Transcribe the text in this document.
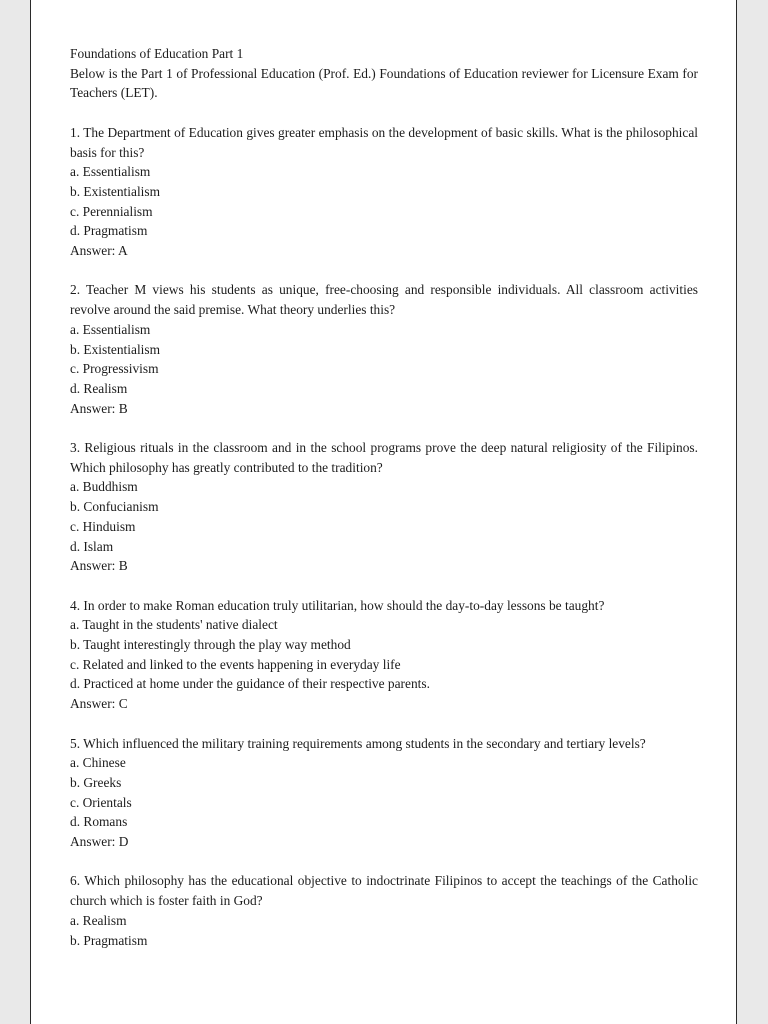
Foundations of Education Part 1

Below is the Part 1 of Professional Education (Prof. Ed.) Foundations of Education reviewer for Licensure Exam for Teachers (LET).

1. The Department of Education gives greater emphasis on the development of basic skills. What is the philosophical basis for this?

a. Essentialism
b. Existentialism
c. Perennialism
d. Pragmatism

Answer: A

2. Teacher M views his students as unique, free-choosing and responsible individuals. All classroom activities revolve around the said premise. What theory underlies this?

a. Essentialism
b. Existentialism
c. Progressivism
d. Realism

Answer: B

3. Religious rituals in the classroom and in the school programs prove the deep natural religiosity of the Filipinos. Which philosophy has greatly contributed to the tradition?

a. Buddhism
b. Confucianism
c. Hinduism
d. Islam

Answer: B

4. In order to make Roman education truly utilitarian, how should the day-to-day lessons be taught?

a. Taught in the students' native dialect
b. Taught interestingly through the play way method
c. Related and linked to the events happening in everyday life
d. Practiced at home under the guidance of their respective parents.

Answer: C

5. Which influenced the military training requirements among students in the secondary and tertiary levels?

a. Chinese
b. Greeks
c. Orientals
d. Romans

Answer: D

6. Which philosophy has the educational objective to indoctrinate Filipinos to accept the teachings of the Catholic church which is foster faith in God?

a. Realism
b. Pragmatism
